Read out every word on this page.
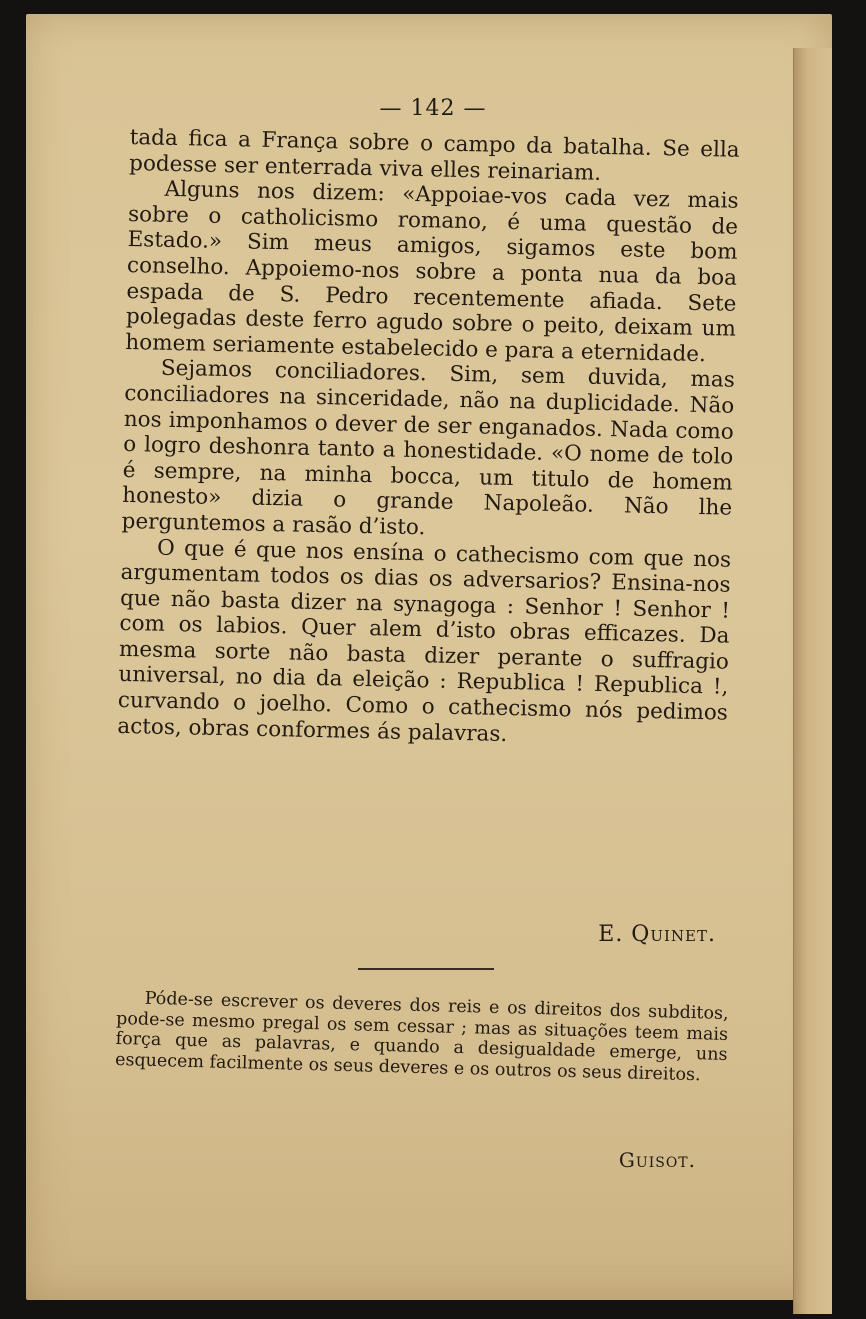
— 142 —

tada fica a França sobre o campo da batalha. Se ella podesse ser enterrada viva elles reinariam.

Alguns nos dizem: «Appoiae-vos cada vez mais sobre o catholicismo romano, é uma questão de Estado.» Sim meus amigos, sigamos este bom conselho. Appoiemo-nos sobre a ponta nua da boa espada de S. Pedro recentemente afiada. Sete polegadas deste ferro agudo sobre o peito, deixam um homem seriamente estabelecido e para a eternidade.

Sejamos conciliadores. Sim, sem duvida, mas conciliadores na sinceridade, não na duplicidade. Não nos imponhamos o dever de ser enganados. Nada como o logro deshonra tanto a honestidade. «O nome de tolo é sempre, na minha bocca, um titulo de homem honesto» dizia o grande Napoleão. Não lhe perguntemos a rasão d’isto.

O que é que nos ensína o cathecismo com que nos argumentam todos os dias os adversarios? Ensina-nos que não basta dizer na synagoga : Senhor ! Senhor ! com os labios. Quer alem d’isto obras efficazes. Da mesma sorte não basta dizer perante o suffragio universal, no dia da eleição : Republica ! Republica !, curvando o joelho. Como o cathecismo nós pedimos actos, obras conformes ás palavras.

E. Quinet.

Póde-se escrever os deveres dos reis e os direitos dos subditos, pode-se mesmo pregal os sem cessar ; mas as situações teem mais força que as palavras, e quando a desigualdade emerge, uns esquecem facilmente os seus deveres e os outros os seus direitos.

Guisot.
